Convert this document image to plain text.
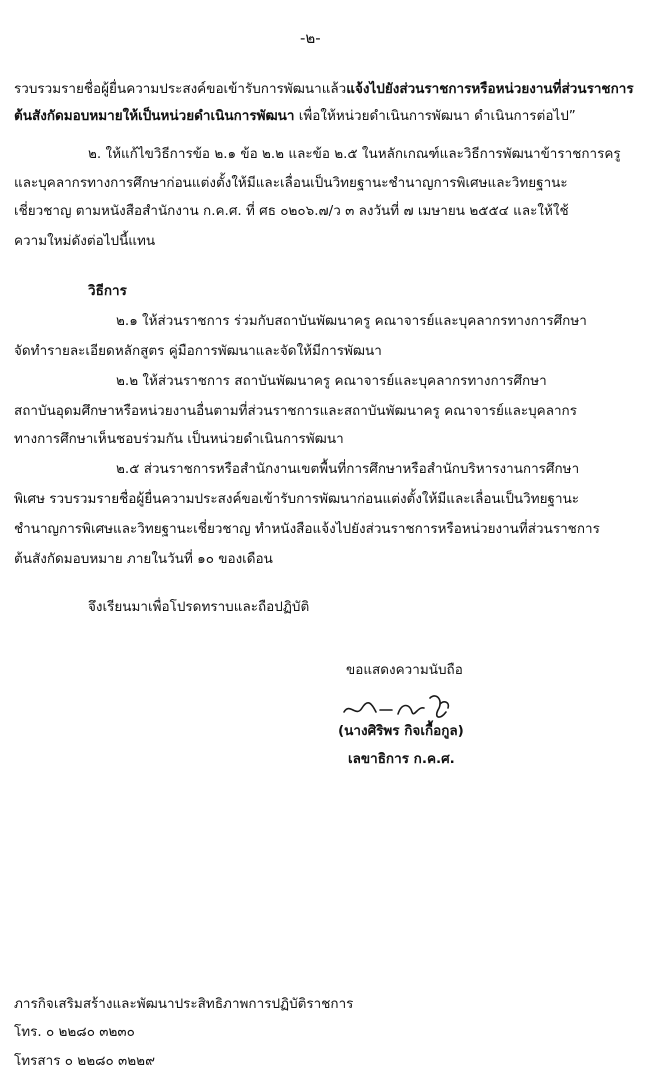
-๒-
รวบรวมรายชื่อผู้ยื่นความประสงค์ขอเข้ารับการพัฒนาแล้วแจ้งไปยังส่วนราชการหรือหน่วยงานที่ส่วนราชการ
ต้นสังกัดมอบหมายให้เป็นหน่วยดำเนินการพัฒนา เพื่อให้หน่วยดำเนินการพัฒนา ดำเนินการต่อไป”
๒. ให้แก้ไขวิธีการข้อ ๒.๑ ข้อ ๒.๒ และข้อ ๒.๕ ในหลักเกณฑ์และวิธีการพัฒนาข้าราชการครู
และบุคลากรทางการศึกษาก่อนแต่งตั้งให้มีและเลื่อนเป็นวิทยฐานะชำนาญการพิเศษและวิทยฐานะ
เชี่ยวชาญ ตามหนังสือสำนักงาน ก.ค.ศ. ที่ ศธ ๐๒๐๖.๗/ว ๓ ลงวันที่ ๗ เมษายน ๒๕๕๔ และให้ใช้
ความใหม่ดังต่อไปนี้แทน
วิธีการ
๒.๑ ให้ส่วนราชการ ร่วมกับสถาบันพัฒนาครู คณาจารย์และบุคลากรทางการศึกษา
จัดทำรายละเอียดหลักสูตร คู่มือการพัฒนาและจัดให้มีการพัฒนา
๒.๒ ให้ส่วนราชการ สถาบันพัฒนาครู คณาจารย์และบุคลากรทางการศึกษา
สถาบันอุดมศึกษาหรือหน่วยงานอื่นตามที่ส่วนราชการและสถาบันพัฒนาครู คณาจารย์และบุคลากร
ทางการศึกษาเห็นชอบร่วมกัน เป็นหน่วยดำเนินการพัฒนา
๒.๕ ส่วนราชการหรือสำนักงานเขตพื้นที่การศึกษาหรือสำนักบริหารงานการศึกษา
พิเศษ รวบรวมรายชื่อผู้ยื่นความประสงค์ขอเข้ารับการพัฒนาก่อนแต่งตั้งให้มีและเลื่อนเป็นวิทยฐานะ
ชำนาญการพิเศษและวิทยฐานะเชี่ยวชาญ ทำหนังสือแจ้งไปยังส่วนราชการหรือหน่วยงานที่ส่วนราชการ
ต้นสังกัดมอบหมาย ภายในวันที่ ๑๐ ของเดือน
จึงเรียนมาเพื่อโปรดทราบและถือปฏิบัติ
ขอแสดงความนับถือ
(นางศิริพร กิจเกื้อกูล)
เลขาธิการ ก.ค.ศ.
ภารกิจเสริมสร้างและพัฒนาประสิทธิภาพการปฏิบัติราชการ
โทร. ๐ ๒๒๘๐ ๓๒๓๐
โทรสาร ๐ ๒๒๘๐ ๓๒๒๙
